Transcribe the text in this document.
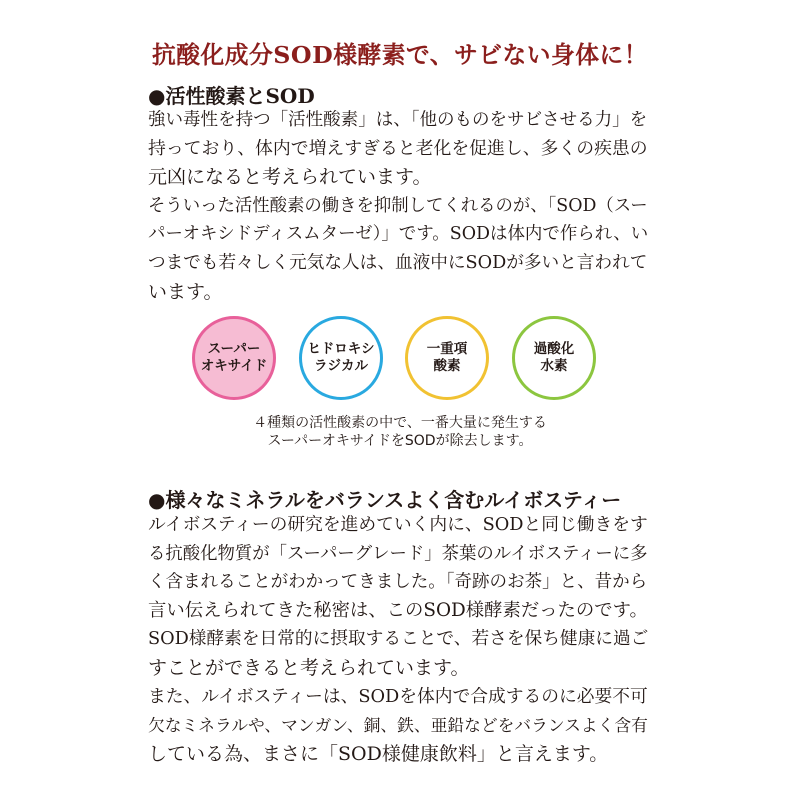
抗酸化成分SOD様酵素で、サビない身体に！
●活性酸素とSOD
強い毒性を持つ「活性酸素」は、「他のものをサビさせる力」を
持っており、体内で増えすぎると老化を促進し、多くの疾患の
元凶になると考えられています。
そういった活性酸素の働きを抑制してくれるのが、「SOD（スー
パーオキシドディスムターゼ）」です。SODは体内で作られ、い
つまでも若々しく元気な人は、血液中にSODが多いと言われて
います。
スーパー
オキサイド
ヒドロキシ
ラジカル
一重項
酸素
過酸化
水素
４種類の活性酸素の中で、一番大量に発生する
スーパーオキサイドをSODが除去します。
●様々なミネラルをバランスよく含むルイボスティー
ルイボスティーの研究を進めていく内に、SODと同じ働きをす
る抗酸化物質が「スーパーグレード」茶葉のルイボスティーに多
く含まれることがわかってきました。「奇跡のお茶」と、昔から
言い伝えられてきた秘密は、このSOD様酵素だったのです。
SOD様酵素を日常的に摂取することで、若さを保ち健康に過ご
すことができると考えられています。
また、ルイボスティーは、SODを体内で合成するのに必要不可
欠なミネラルや、マンガン、銅、鉄、亜鉛などをバランスよく含有
している為、まさに「SOD様健康飲料」と言えます。
